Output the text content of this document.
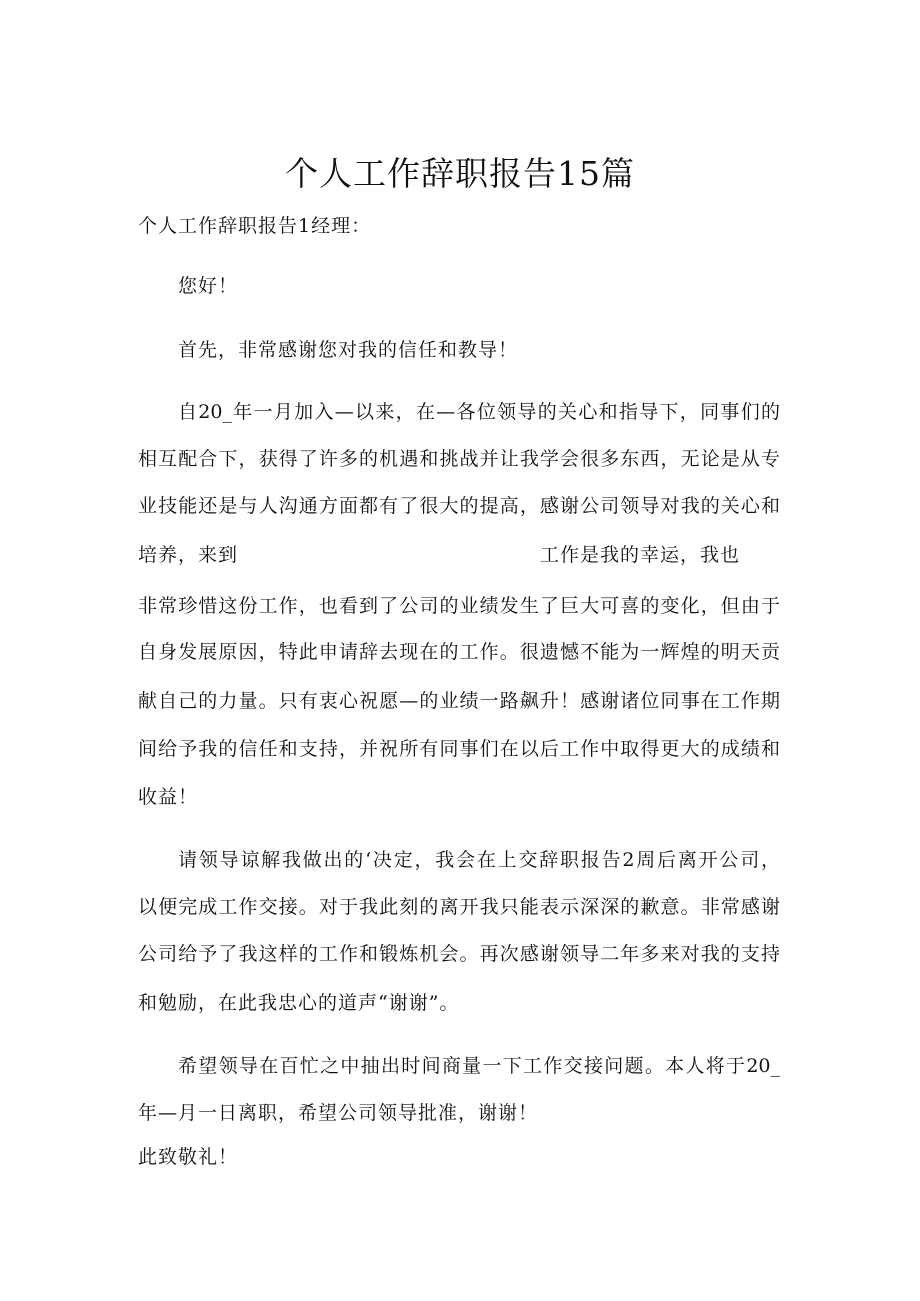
个人工作辞职报告15篇

个人工作辞职报告1经理：

您好！

首先，非常感谢您对我的信任和教导！

自20_年一月加入—以来，在—各位领导的关心和指导下，同事们的

相互配合下，获得了许多的机遇和挑战并让我学会很多东西，无论是从专

业技能还是与人沟通方面都有了很大的提高，感谢公司领导对我的关心和

培养，来到	工作是我的幸运，我也

非常珍惜这份工作，也看到了公司的业绩发生了巨大可喜的变化，但由于

自身发展原因，特此申请辞去现在的工作。很遗憾不能为一辉煌的明天贡

献自己的力量。只有衷心祝愿—的业绩一路飙升！感谢诸位同事在工作期

间给予我的信任和支持，并祝所有同事们在以后工作中取得更大的成绩和

收益！

请领导谅解我做出的‘决定，我会在上交辞职报告2周后离开公司，

以便完成工作交接。对于我此刻的离开我只能表示深深的歉意。非常感谢

公司给予了我这样的工作和锻炼机会。再次感谢领导二年多来对我的支持

和勉励，在此我忠心的道声“谢谢”。

希望领导在百忙之中抽出时间商量一下工作交接问题。本人将于20_

年—月一日离职，希望公司领导批准，谢谢！

此致敬礼！
